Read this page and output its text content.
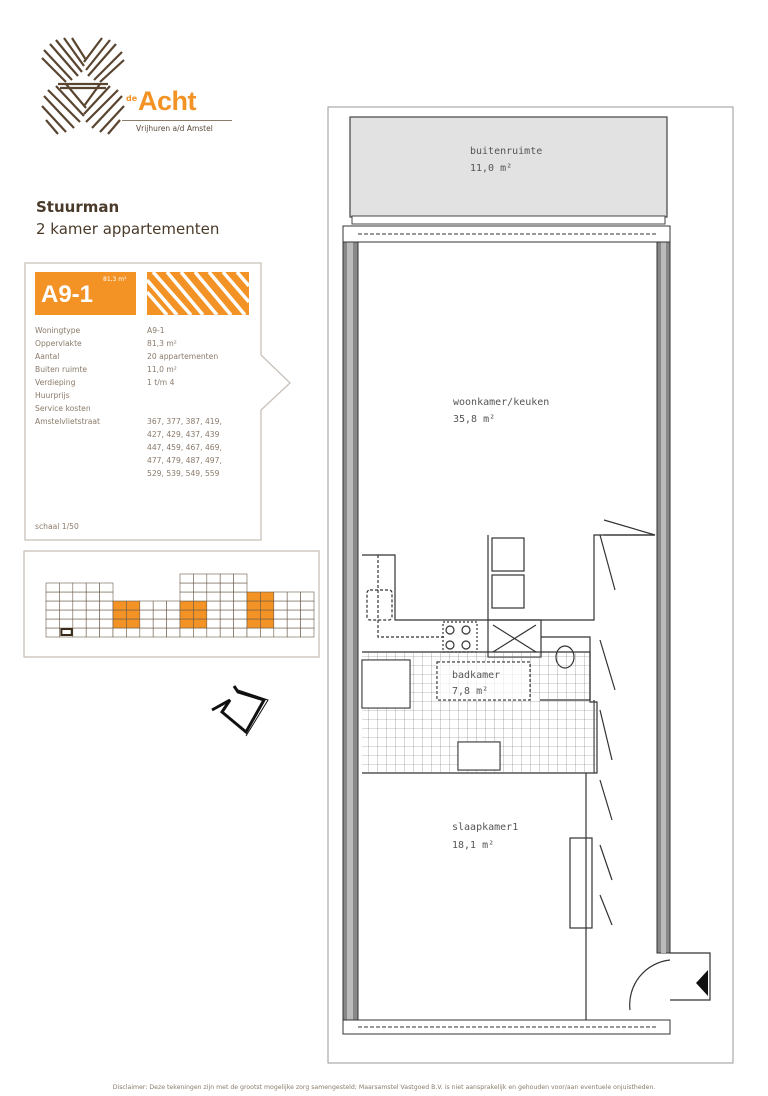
de Acht
Vrijhuren a/d Amstel
Stuurman
2 kamer appartementen
A9-1
81,3 m²
Woningtype	A9-1
Oppervlakte	81,3 m²
Aantal	20 appartementen
Buiten ruimte	11,0 m²
Verdieping	1 t/m 4
Huurprijs
Service kosten
Amstelvlietstraat	367, 377, 387, 419,
427, 429, 437, 439
447, 459, 467, 469,
477, 479, 487, 497,
529, 539, 549, 559
schaal 1/50
buitenruimte
11,0 m²
woonkamer/keuken
35,8 m²
badkamer
7,8 m²
slaapkamer1
18,1 m²
Disclaimer: Deze tekeningen zijn met de grootst mogelijke zorg samengesteld; Maarsamstel Vastgoed B.V. is niet aansprakelijk en gehouden voor/aan eventuele onjuistheden.
